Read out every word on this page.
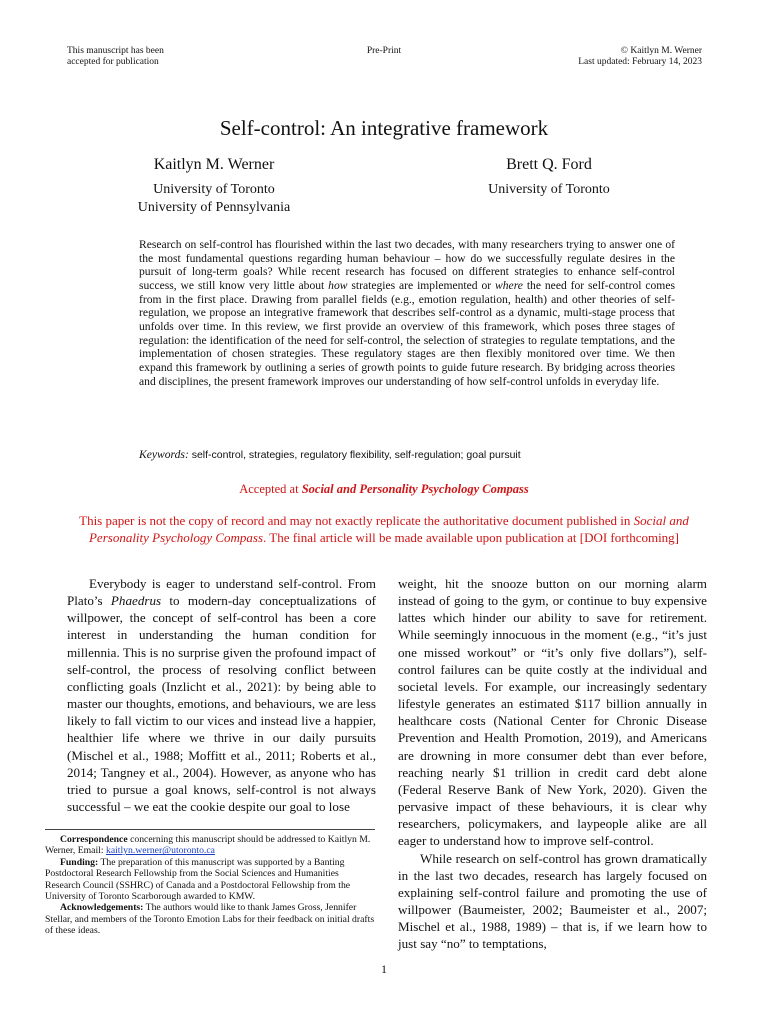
This manuscript has been
accepted for publication
Pre-Print	© Kaitlyn M. Werner
Last updated: February 14, 2023
Self-control: An integrative framework
Kaitlyn M. Werner
University of Toronto
University of Pennsylvania
Brett Q. Ford
University of Toronto
Research on self-control has flourished within the last two decades, with many researchers trying to answer one of the most fundamental questions regarding human behaviour – how do we successfully regulate desires in the pursuit of long-term goals? While recent research has focused on different strategies to enhance self-control success, we still know very little about how strategies are implemented or where the need for self-control comes from in the first place. Drawing from parallel fields (e.g., emotion regulation, health) and other theories of self-regulation, we propose an integrative framework that describes self-control as a dynamic, multi-stage process that unfolds over time. In this review, we first provide an overview of this framework, which poses three stages of regulation: the identification of the need for self-control, the selection of strategies to regulate temptations, and the implementation of chosen strategies. These regulatory stages are then flexibly monitored over time. We then expand this framework by outlining a series of growth points to guide future research. By bridging across theories and disciplines, the present framework improves our understanding of how self-control unfolds in everyday life.
Keywords: self-control, strategies, regulatory flexibility, self-regulation; goal pursuit
Accepted at Social and Personality Psychology Compass
This paper is not the copy of record and may not exactly replicate the authoritative document published in Social and Personality Psychology Compass. The final article will be made available upon publication at [DOI forthcoming]

Everybody is eager to understand self-control. From Plato’s Phaedrus to modern-day conceptualizations of willpower, the concept of self-control has been a core interest in understanding the human condition for millennia. This is no surprise given the profound impact of self-control, the process of resolving conflict between conflicting goals (Inzlicht et al., 2021): by being able to master our thoughts, emotions, and behaviours, we are less likely to fall victim to our vices and instead live a happier, healthier life where we thrive in our daily pursuits (Mischel et al., 1988; Moffitt et al., 2011; Roberts et al., 2014; Tangney et al., 2004). However, as anyone who has tried to pursue a goal knows, self-control is not always successful – we eat the cookie despite our goal to lose

weight, hit the snooze button on our morning alarm instead of going to the gym, or continue to buy expensive lattes which hinder our ability to save for retirement. While seemingly innocuous in the moment (e.g., “it’s just one missed workout” or “it’s only five dollars”), self-control failures can be quite costly at the individual and societal levels. For example, our increasingly sedentary lifestyle generates an estimated $117 billion annually in healthcare costs (National Center for Chronic Disease Prevention and Health Promotion, 2019), and Americans are drowning in more consumer debt than ever before, reaching nearly $1 trillion in credit card debt alone (Federal Reserve Bank of New York, 2020). Given the pervasive impact of these behaviours, it is clear why researchers, policymakers, and laypeople alike are all eager to understand how to improve self-control.

While research on self-control has grown dramatically in the last two decades, research has largely focused on explaining self-control failure and promoting the use of willpower (Baumeister, 2002; Baumeister et al., 2007; Mischel et al., 1988, 1989) – that is, if we learn how to just say “no” to temptations,

Correspondence concerning this manuscript should be addressed to Kaitlyn M. Werner, Email: kaitlyn.werner@utoronto.ca

Funding: The preparation of this manuscript was supported by a Banting Postdoctoral Research Fellowship from the Social Sciences and Humanities Research Council (SSHRC) of Canada and a Postdoctoral Fellowship from the University of Toronto Scarborough awarded to KMW.

Acknowledgements: The authors would like to thank James Gross, Jennifer Stellar, and members of the Toronto Emotion Labs for their feedback on initial drafts of these ideas.

1
